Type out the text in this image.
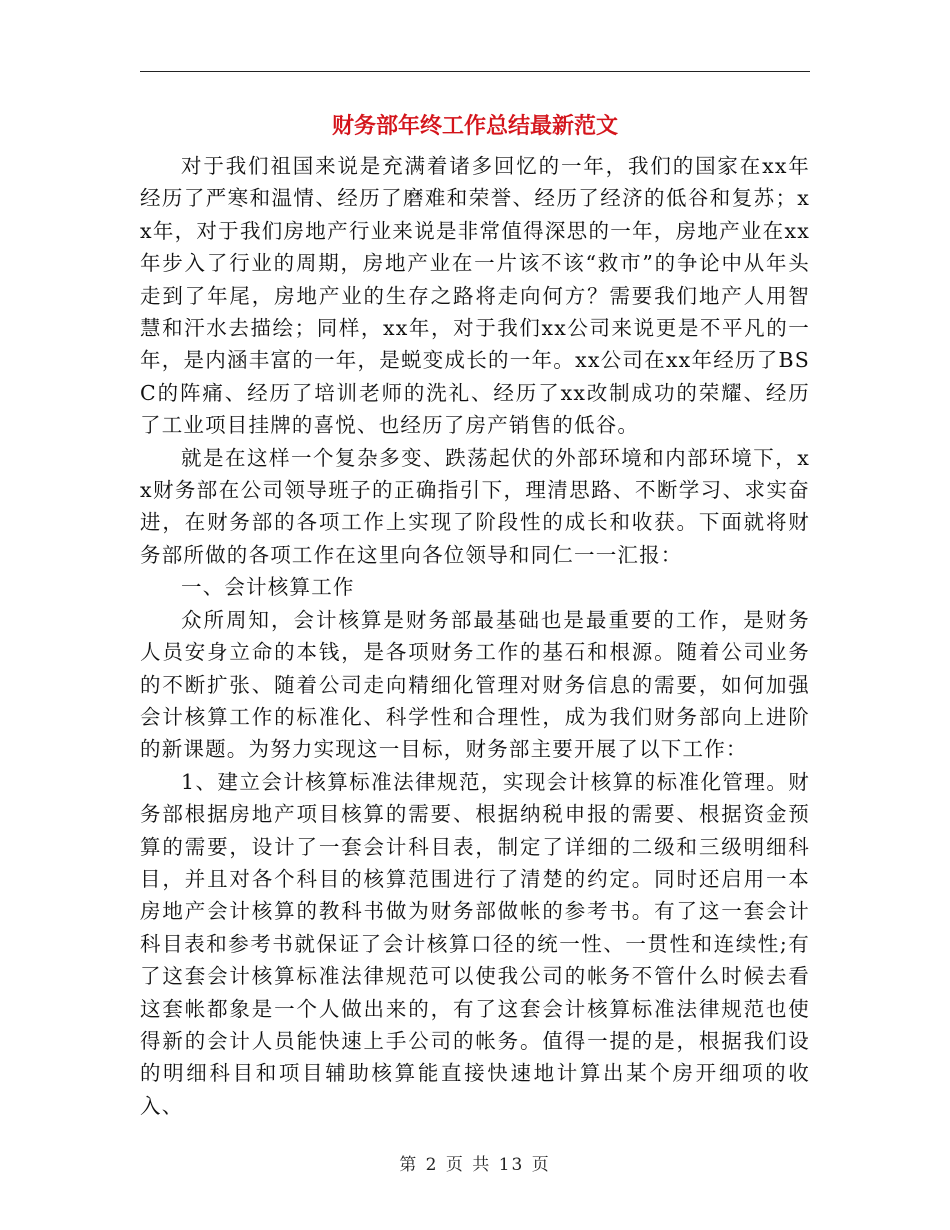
财务部年终工作总结最新范文

对于我们祖国来说是充满着诸多回忆的一年，我们的国家在xx年经历了严寒和温情、经历了磨难和荣誉、经历了经济的低谷和复苏；xx年，对于我们房地产行业来说是非常值得深思的一年，房地产业在xx年步入了行业的周期，房地产业在一片该不该“救市”的争论中从年头走到了年尾，房地产业的生存之路将走向何方？需要我们地产人用智慧和汗水去描绘；同样，xx年，对于我们xx公司来说更是不平凡的一年，是内涵丰富的一年，是蜕变成长的一年。xx公司在xx年经历了BSC的阵痛、经历了培训老师的洗礼、经历了xx改制成功的荣耀、经历了工业项目挂牌的喜悦、也经历了房产销售的低谷。

就是在这样一个复杂多变、跌荡起伏的外部环境和内部环境下，xx财务部在公司领导班子的正确指引下，理清思路、不断学习、求实奋进，在财务部的各项工作上实现了阶段性的成长和收获。下面就将财务部所做的各项工作在这里向各位领导和同仁一一汇报：

一、会计核算工作

众所周知，会计核算是财务部最基础也是最重要的工作，是财务人员安身立命的本钱，是各项财务工作的基石和根源。随着公司业务的不断扩张、随着公司走向精细化管理对财务信息的需要，如何加强会计核算工作的标准化、科学性和合理性，成为我们财务部向上进阶的新课题。为努力实现这一目标，财务部主要开展了以下工作：

1、建立会计核算标准法律规范，实现会计核算的标准化管理。财务部根据房地产项目核算的需要、根据纳税申报的需要、根据资金预算的需要，设计了一套会计科目表，制定了详细的二级和三级明细科目，并且对各个科目的核算范围进行了清楚的约定。同时还启用一本房地产会计核算的教科书做为财务部做帐的参考书。有了这一套会计科目表和参考书就保证了会计核算口径的统一性、一贯性和连续性;有了这套会计核算标准法律规范可以使我公司的帐务不管什么时候去看这套帐都象是一个人做出来的，有了这套会计核算标准法律规范也使得新的会计人员能快速上手公司的帐务。值得一提的是，根据我们设的明细科目和项目辅助核算能直接快速地计算出某个房开细项的收入、

第 2 页 共 13 页
